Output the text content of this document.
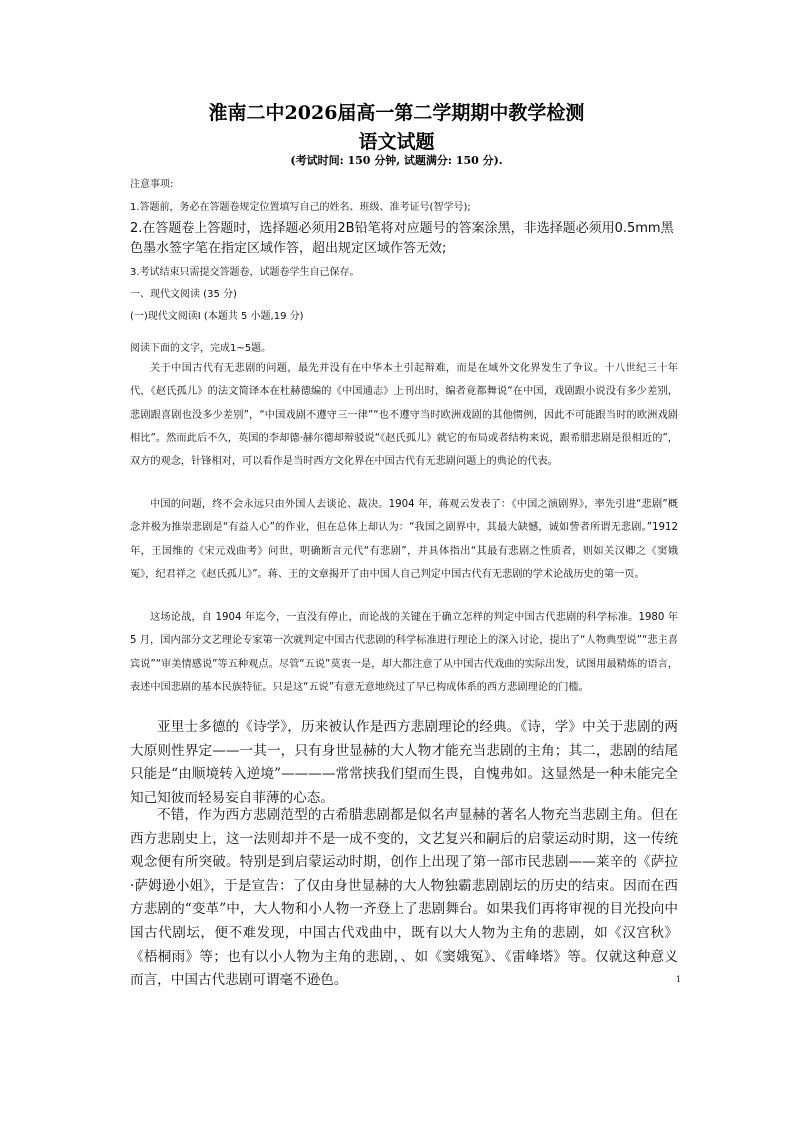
淮南二中2026届高一第二学期期中教学检测
语文试题
(考试时间: 150 分钟, 试题满分: 150 分).
注意事项:
1.答题前，务必在答题卷规定位置填写自己的姓名、班级、准考证号(智学号);
2.在答题卷上答题时，选择题必须用2B铅笔将对应题号的答案涂黑，非选择题必须用0.5mm黑色墨水签字笔在指定区域作答，超出规定区域作答无效;
3.考试结束只需提交答题卷，试题卷学生自己保存。
一、现代文阅读 (35 分)
(一)现代文阅读Ⅰ (本题共 5 小题,19 分)
阅读下面的文字，完成1~5题。
关于中国古代有无悲剧的问题，最先并没有在中华本土引起辩难，而是在域外文化界发生了争议。十八世纪三十年代，《赵氏孤儿》的法文简译本在杜赫德编的《中国通志》上刊出时，编者竟都舞说“在中国，戏剧跟小说没有多少差别，悲剧跟喜剧也没多少差别”，“中国戏剧不遵守三一律”“也不遵守当时欧洲戏剧的其他惯例，因此不可能跟当时的欧洲戏剧相比”。然而此后不久，英国的李却德·赫尔德却辩驳说“《赵氏孤儿》就它的布局或者结构来说，跟希腊悲剧是很相近的”，双方的观念，针锋相对，可以看作是当时西方文化界在中国古代有无悲剧问题上的典论的代表。
中国的问题，终不会永远只由外国人去谈论、裁决。1904 年，蒋观云发表了：《中国之演剧界》，率先引进“悲剧”概念并极为推崇悲剧是“有益人心”的作业，但在总体上却认为：“我国之剧界中，其最大缺憾，诚如訾者所谓无悲剧。”1912 年，王国维的《宋元戏曲考》问世，明确断言元代“有悲剧”，并具体指出“其最有悲剧之性质者，则如关汉卿之《窦娥冤》，纪君祥之《赵氏孤儿》”。蒋、王的文章揭开了由中国人自己判定中国古代有无悲剧的学术论战历史的第一页。
这场论战，自 1904 年迄今，一直没有停止，而论战的关键在于确立怎样的判定中国古代悲剧的科学标准。1980 年 5 月，国内部分文艺理论专家第一次就判定中国古代悲剧的科学标准进行理论上的深入讨论，提出了“人物典型说”“悲主喜宾说”“审美情感说”等五种观点。尽管“五说”莫衷一是，却大都注意了从中国古代戏曲的实际出发，试图用最精炼的语言，表述中国悲剧的基本民族特征。只是这“五说”有意无意地绕过了早已构成体系的西方悲剧理论的门槛。
亚里士多德的《诗学》，历来被认作是西方悲剧理论的经典。《诗，学》中关于悲剧的两大原则性界定——一其一，只有身世显赫的大人物才能充当悲剧的主角；其二，悲剧的结尾只能是“由顺境转入逆境”————常常挟我们望而生畏，自愧弗如。这显然是一种未能完全知己知彼而轻易妄自菲薄的心态。
不错，作为西方悲剧范型的古希腊悲剧都是似名声显赫的著名人物充当悲剧主角。但在西方悲剧史上，这一法则却并不是一成不变的，文艺复兴和嗣后的启蒙运动时期，这一传统观念便有所突破。特别是到启蒙运动时期，创作上出现了第一部市民悲剧——莱辛的《萨拉·萨姆逊小姐》，于是宣告：了仅由身世显赫的大人物独霸悲剧剧坛的历史的结束。因而在西方悲剧的“变革”中，大人物和小人物一齐登上了悲剧舞台。如果我们再将审视的目光投向中国古代剧坛，便不难发现，中国古代戏曲中，既有以大人物为主角的悲剧，如《汉宫秋》《梧桐雨》等；也有以小人物为主角的悲剧，、如《窦娥冤》、《雷峰塔》等。仅就这种意义而言，中国古代悲剧可谓毫不逊色。	1
